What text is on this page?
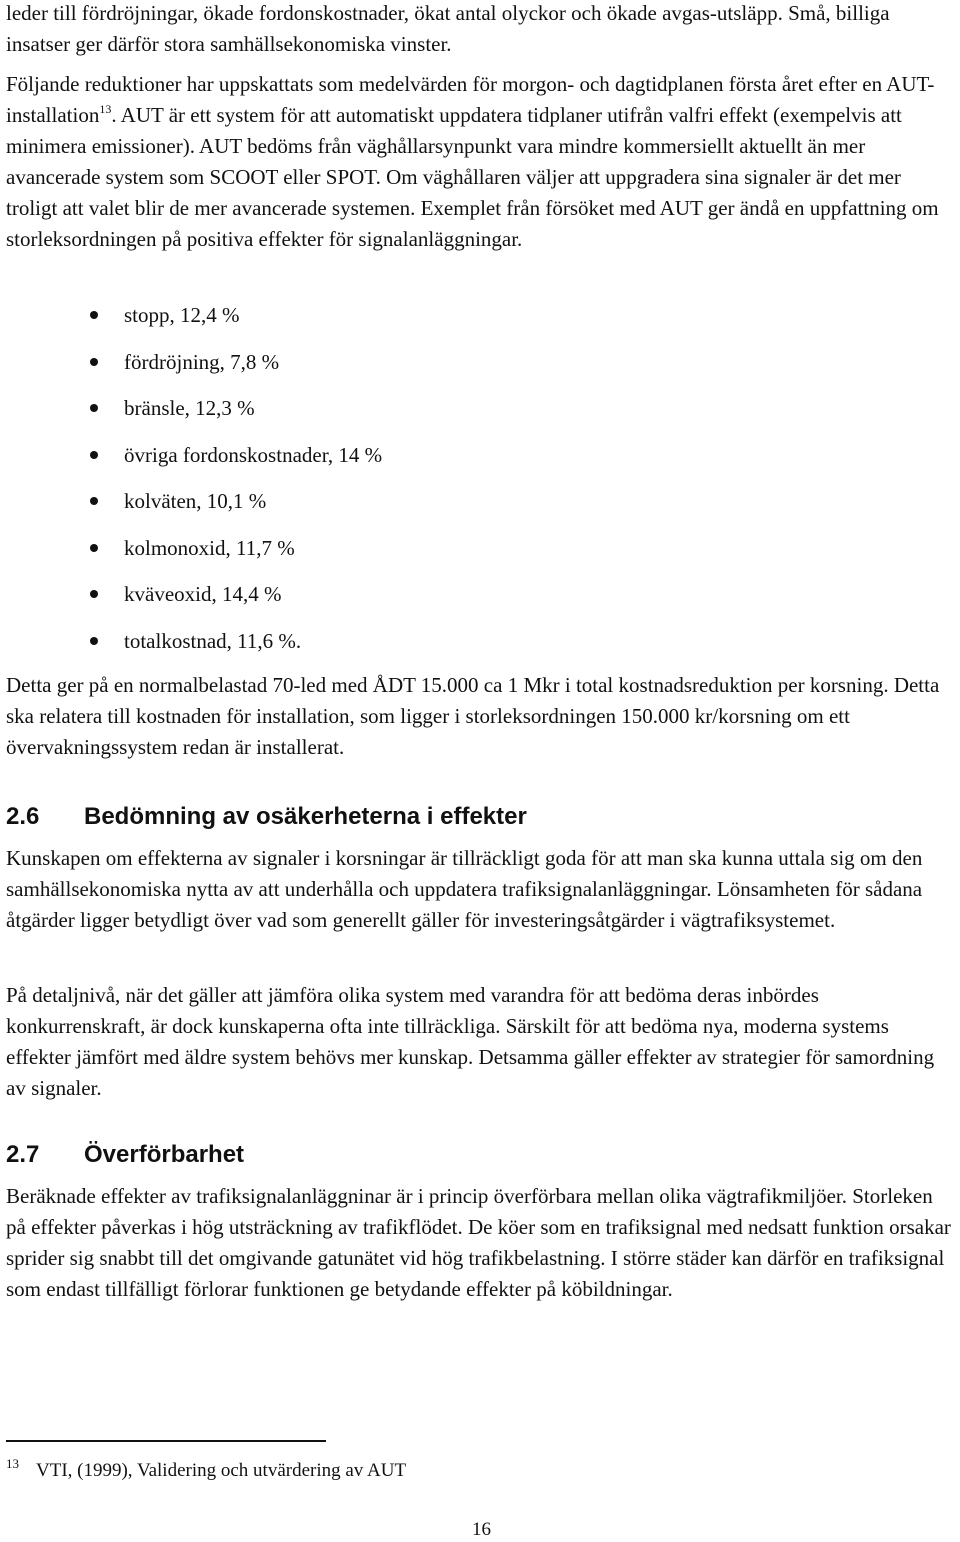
leder till fördröjningar, ökade fordonskostnader, ökat antal olyckor och ökade avgas-utsläpp. Små, billiga insatser ger därför stora samhällsekonomiska vinster.

Följande reduktioner har uppskattats som medelvärden för morgon- och dagtidplanen första året efter en AUT-installation$^{13}$. AUT är ett system för att automatiskt uppdatera tidplaner utifrån valfri effekt (exempelvis att minimera emissioner). AUT bedöms från väghållarsynpunkt vara mindre kommersiellt aktuellt än mer avancerade system som SCOOT eller SPOT. Om väghållaren väljer att uppgradera sina signaler är det mer troligt att valet blir de mer avancerade systemen. Exemplet från försöket med AUT ger ändå en uppfattning om storleksordningen på positiva effekter för signalanläggningar.

stopp, 12,4 %
fördröjning, 7,8 %
bränsle, 12,3 %
övriga fordonskostnader, 14 %
kolväten, 10,1 %
kolmonoxid, 11,7 %
kväveoxid, 14,4 %
totalkostnad, 11,6 %.

Detta ger på en normalbelastad 70-led med ÅDT 15.000 ca 1 Mkr i total kostnadsreduktion per korsning. Detta ska relatera till kostnaden för installation, som ligger i storleksordningen 150.000 kr/korsning om ett övervakningssystem redan är installerat.

2.6 Bedömning av osäkerheterna i effekter

Kunskapen om effekterna av signaler i korsningar är tillräckligt goda för att man ska kunna uttala sig om den samhällsekonomiska nytta av att underhålla och uppdatera trafiksignalanläggningar. Lönsamheten för sådana åtgärder ligger betydligt över vad som generellt gäller för investeringsåtgärder i vägtrafiksystemet.

På detaljnivå, när det gäller att jämföra olika system med varandra för att bedöma deras inbördes konkurrenskraft, är dock kunskaperna ofta inte tillräckliga. Särskilt för att bedöma nya, moderna systems effekter jämfört med äldre system behövs mer kunskap. Detsamma gäller effekter av strategier för samordning av signaler.

2.7 Överförbarhet

Beräknade effekter av trafiksignalanläggninar är i princip överförbara mellan olika vägtrafikmiljöer. Storleken på effekter påverkas i hög utsträckning av trafikflödet. De köer som en trafiksignal med nedsatt funktion orsakar sprider sig snabbt till det omgivande gatunätet vid hög trafikbelastning. I större städer kan därför en trafiksignal som endast tillfälligt förlorar funktionen ge betydande effekter på köbildningar.

13 VTI, (1999), Validering och utvärdering av AUT
16
